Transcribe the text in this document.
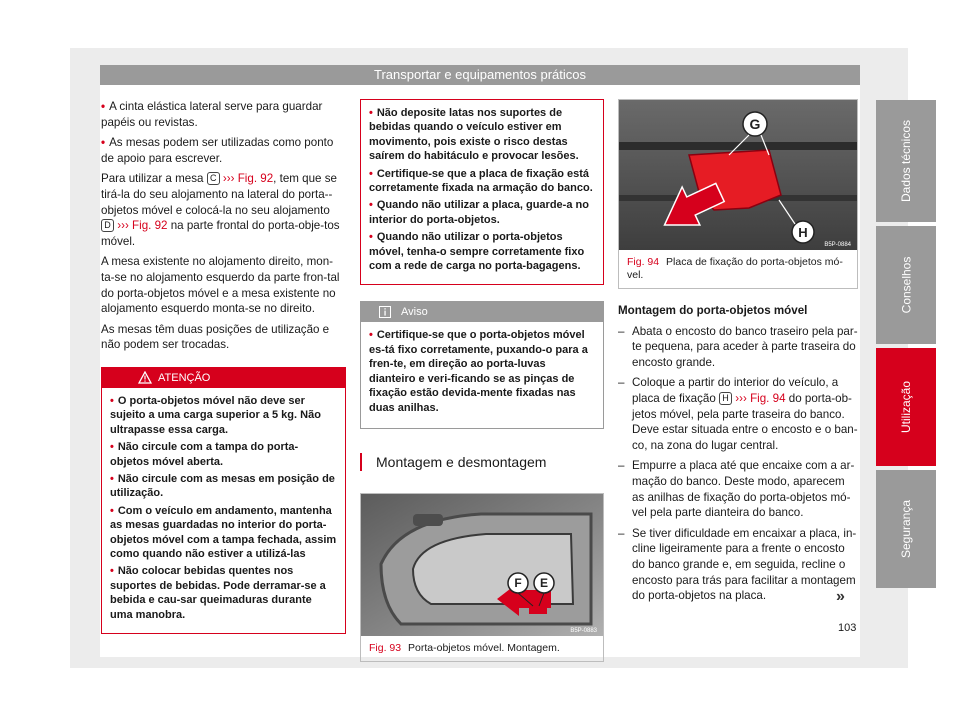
Transportar e equipamentos práticos

• A cinta elástica lateral serve para guardar papéis ou revistas.

• As mesas podem ser utilizadas como ponto de apoio para escrever.

Para utilizar a mesa C ››› Fig. 92, tem que se tirá-la do seu alojamento na lateral do porta--objetos móvel e colocá-la no seu alojamento D ››› Fig. 92 na parte frontal do porta-obje-tos móvel.

A mesa existente no alojamento direito, mon-ta-se no alojamento esquerdo da parte fron-tal do porta-objetos móvel e a mesa existente no alojamento esquerdo monta-se no direito.

As mesas têm duas posições de utilização e não podem ser trocadas.

ATENÇÃO

• O porta-objetos móvel não deve ser sujeito a uma carga superior a 5 kg. Não ultrapasse essa carga.

• Não circule com a tampa do porta-objetos móvel aberta.

• Não circule com as mesas em posição de utilização.

• Com o veículo em andamento, mantenha as mesas guardadas no interior do porta-objetos móvel com a tampa fechada, assim como quando não estiver a utilizá-las

• Não colocar bebidas quentes nos suportes de bebidas. Pode derramar-se a bebida e cau-sar queimaduras durante uma manobra.

• Não deposite latas nos suportes de bebidas quando o veículo estiver em movimento, pois existe o risco destas saírem do habitáculo e provocar lesões.

• Certifique-se que a placa de fixação está corretamente fixada na armação do banco.

• Quando não utilizar a placa, guarde-a no interior do porta-objetos.

• Quando não utilizar o porta-objetos móvel, tenha-o sempre corretamente fixo com a rede de carga no porta-bagagens.

Aviso

• Certifique-se que o porta-objetos móvel es-tá fixo corretamente, puxando-o para a fren-te, em direção ao porta-luvas dianteiro e veri-ficando se as pinças de fixação estão devida-mente fixadas nas duas anilhas.

Montagem e desmontagem
F E
B5P-0883
Fig. 93 Porta-objetos móvel. Montagem.
G
H
B5P-0884
Fig. 94 Placa de fixação do porta-objetos mó-vel.

Montagem do porta-objetos móvel

– Abata o encosto do banco traseiro pela par-te pequena, para aceder à parte traseira do encosto grande.

– Coloque a partir do interior do veículo, a placa de fixação H ››› Fig. 94 do porta-ob-jetos móvel, pela parte traseira do banco. Deve estar situada entre o encosto e o ban-co, na zona do lugar central.

– Empurre a placa até que encaixe com a ar-mação do banco. Deste modo, aparecem as anilhas de fixação do porta-objetos mó-vel pela parte dianteira do banco.

– Se tiver dificuldade em encaixar a placa, in-cline ligeiramente para a frente o encosto do banco grande e, em seguida, recline o encosto para trás para facilitar a montagem do porta-objetos na placa.	»
Dados técnicos
Conselhos
Utilização
Segurança
103
